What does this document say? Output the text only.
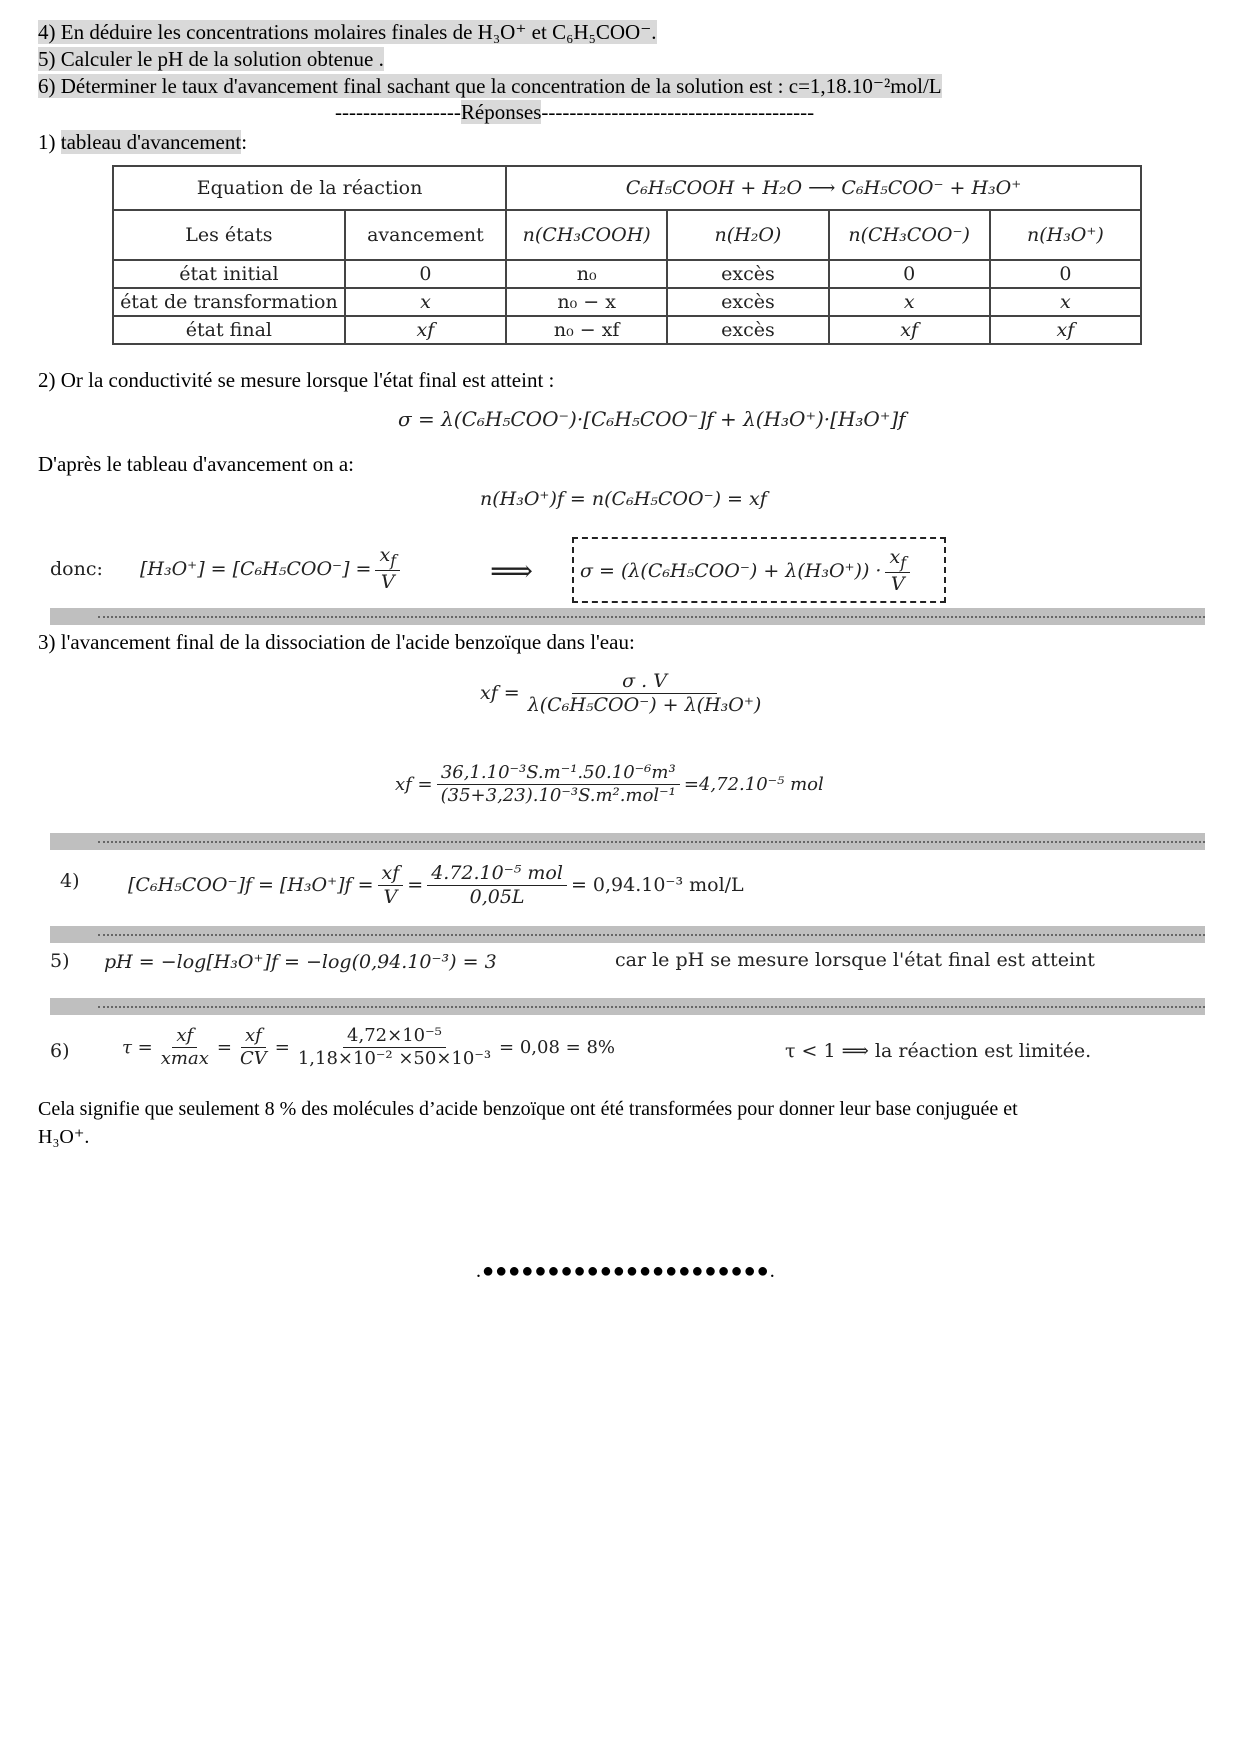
4) En déduire les concentrations molaires finales de H₃O⁺ et C₆H₅COO⁻.
5) Calculer le pH de la solution obtenue .
6) Déterminer le taux d'avancement final sachant que la concentration de la solution est : c=1,18.10⁻²mol/L
------------------Réponses---------------------------------------
1) tableau d'avancement:
Equation de la réaction		C₆H₅COOH + H₂O ⟶ C₆H₅COO⁻ + H₃O⁺			
Les états	avancement	n(CH₃COOH)	n(H₂O)	n(CH₃COO⁻)	n(H₃O⁺)
état initial	0	n₀	excès	0	0
état de transformation	x	n₀ − x	excès	x	x
état final	xf	n₀ − xf	excès	xf	xf
2) Or la conductivité se mesure lorsque l'état final est atteint :
σ = λ(C₆H₅COO⁻)·[C₆H₅COO⁻]f + λ(H₃O⁺)·[H₃O⁺]f
D'après le tableau d'avancement on a:
n(H₃O⁺)f = n(C₆H₅COO⁻) = xf
donc: $[H_3O^+] = [C_6H_5COO^-] = \frac{x_f}{V}$	⟹ $\sigma = (\lambda(C_6H_5COO^-) + \lambda(H_3O^+)) \cdot \frac{x_f}{V}$
3) l'avancement final de la dissociation de l'acide benzoïque dans l'eau:
xf = $\frac{\sigma . V}{\text{λ(C₆H₅COO⁻) + λ(H₃O⁺)}}$
xf = $\frac{\text{36,1.10⁻³S.m⁻¹.50.10⁻⁶m³}}{\text{(35+3,23).10⁻³S.m².mol⁻¹}} =4,72.10^{-5}$ mol
4)	$[C_6H_5COO^-]f = [H_3O^+]f = \frac{xf}{V} = \frac{\text{4.72.10⁻⁵ mol}}{0,05L} = 0,94.10^{-3}$ mol/L
5) pH = −log[H₃O⁺]f = −log(0,94.10⁻³) = 3	car le pH se mesure lorsque l'état final est atteint
6)	$\tau = \frac{xf}{xmax} = \frac{xf}{CV} = \frac{\text{4,72×10⁻⁵}}{\text{1,18×10⁻² ×50×10⁻³}} = 0,08 = 8\%$	τ < 1 ⟹ la réaction est limitée.
Cela signifie que seulement 8 % des molécules d’acide benzoïque ont été transformées pour donner leur base conjuguée et
H₃O⁺.
.●●●●●●●●●●●●●●●●●●●●●●.
